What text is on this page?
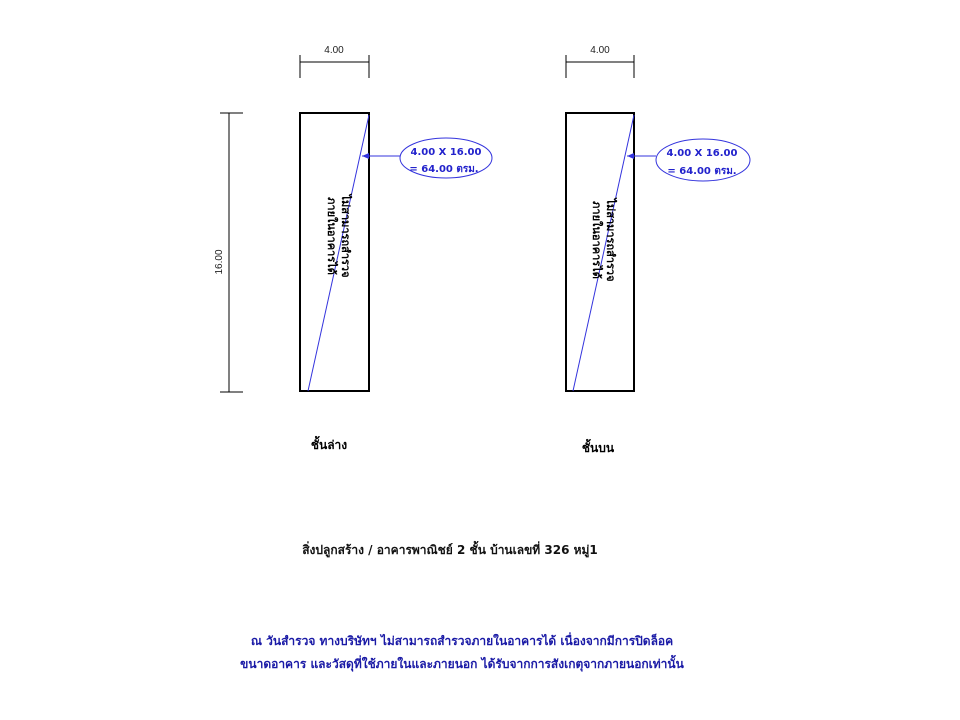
4.00
16.00	ไม่สามารถสำรวจ
ภายในอาคารได้
4.00 X 16.00
= 64.00 ตรม.
ชั้นล่าง
4.00
ไม่สามารถสำรวจ
ภายในอาคารได้
4.00 X 16.00
= 64.00 ตรม.
ชั้นบน
สิ่งปลูกสร้าง / อาคารพาณิชย์ 2 ชั้น บ้านเลขที่ 326 หมู่1
ณ วันสำรวจ ทางบริษัทฯ ไม่สามารถสำรวจภายในอาคารได้ เนื่องจากมีการปิดล็อค
ขนาดอาคาร และวัสดุที่ใช้ภายในและภายนอก ได้รับจากการสังเกตุจากภายนอกเท่านั้น
